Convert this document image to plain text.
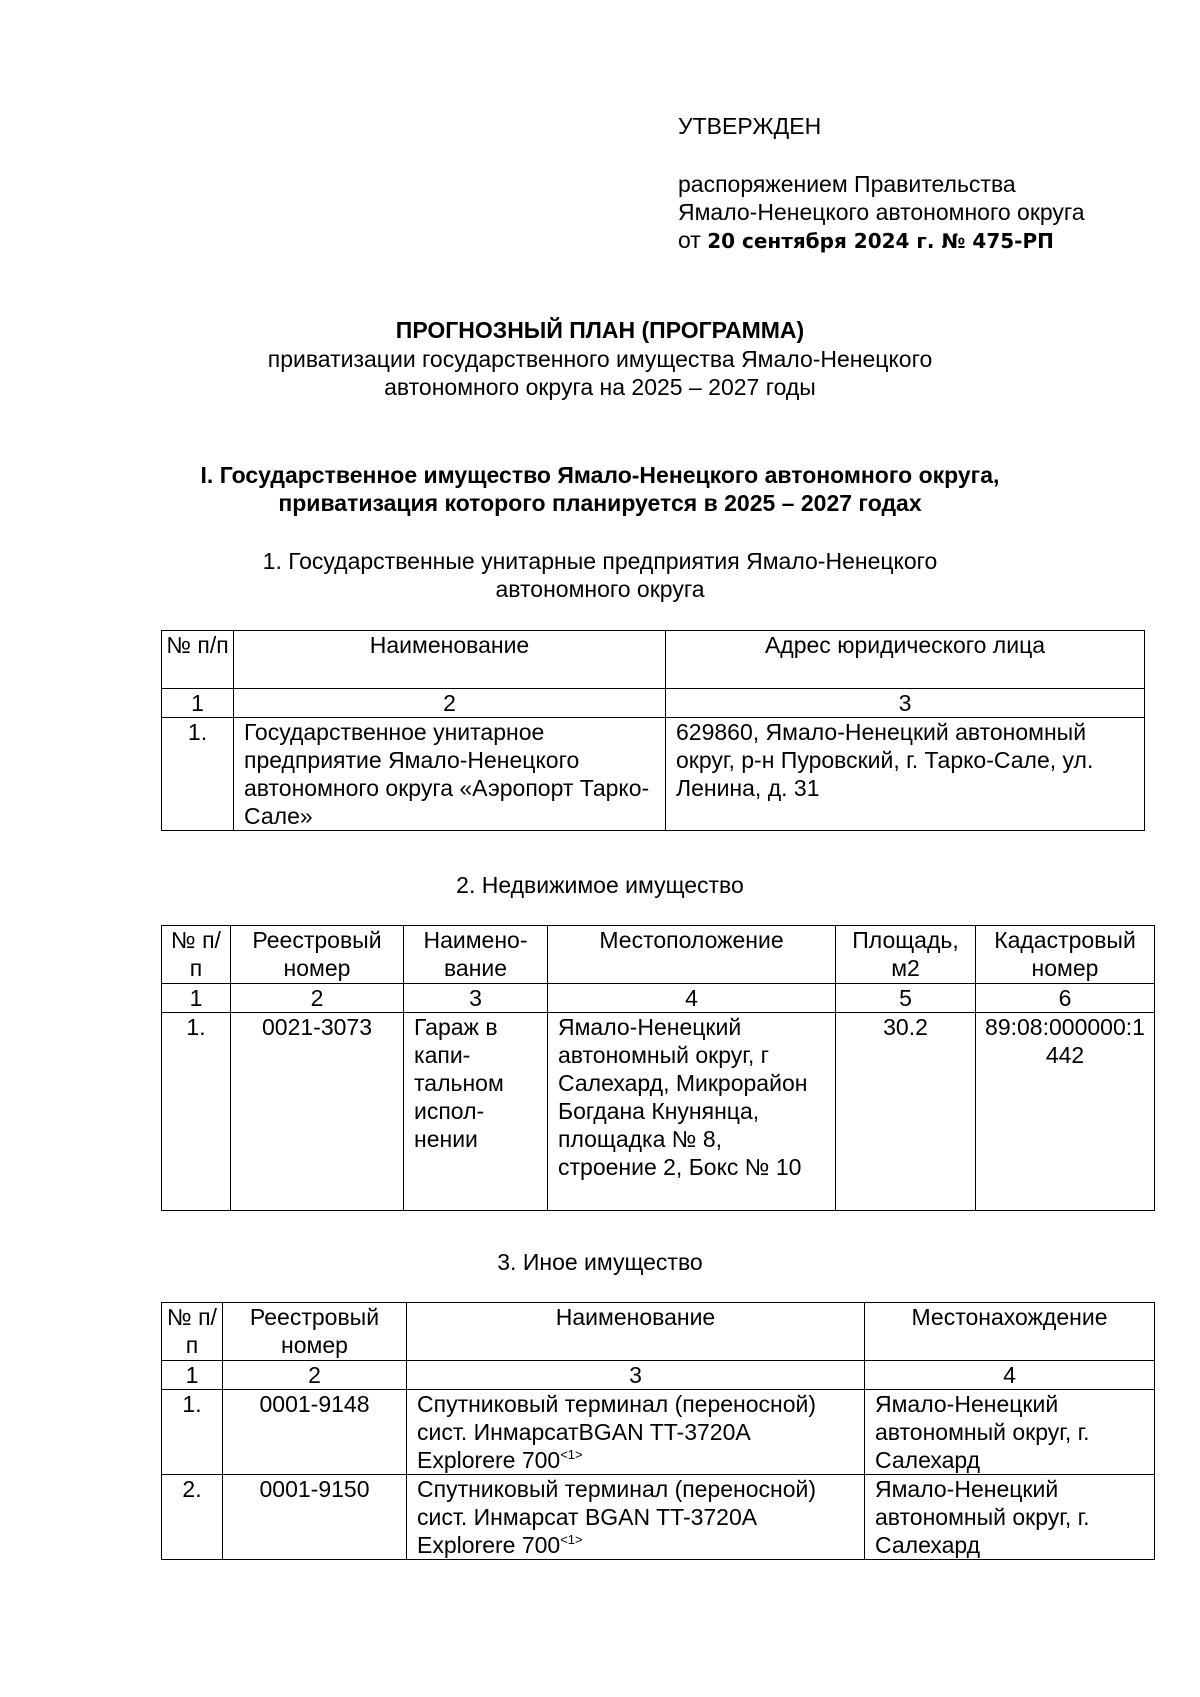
УТВЕРЖДЕН
распоряжением Правительства
Ямало-Ненецкого автономного округа
от 20 сентября 2024 г. № 475-РП
ПРОГНОЗНЫЙ ПЛАН (ПРОГРАММА)
приватизации государственного имущества Ямало-Ненецкого
автономного округа на 2025 – 2027 годы
I. Государственное имущество Ямало-Ненецкого автономного округа,
приватизация которого планируется в 2025 – 2027 годах
1. Государственные унитарные предприятия Ямало-Ненецкого
автономного округа
№ п/п	Наименование	Адрес юридического лица
1	2	3
1.	Государственное унитарное предприятие Ямало-Ненецкого автономного округа «Аэропорт Тарко-Сале»	629860, Ямало-Ненецкий автономный округ, р-н Пуровский, г. Тарко-Сале, ул. Ленина, д. 31
2. Недвижимое имущество
№ п/п	Реестровый номер	Наимено-вание	Местоположение	Площадь, м2	Кадастровый номер
1	2	3	4	5	6
1.	0021-3073	Гараж в капи-тальном испол-нении	Ямало-Ненецкий автономный округ, г Салехард, Микрорайон Богдана Кнунянца, площадка № 8, строение 2, Бокс № 10	30.2	89:08:000000:1442
3. Иное имущество
№ п/п	Реестровый номер	Наименование	Местонахождение
1	2	3	4
1.	0001-9148	Спутниковый терминал (переносной) сист. ИнмарсатBGAN TT-3720A Explorere $700^{<1>}$	Ямало-Ненецкий автономный округ, г. Салехард
2.	0001-9150	Спутниковый терминал (переносной) сист. Инмарсат BGAN TT-3720A Explorere $700^{<1>}$	Ямало-Ненецкий автономный округ, г. Салехард
